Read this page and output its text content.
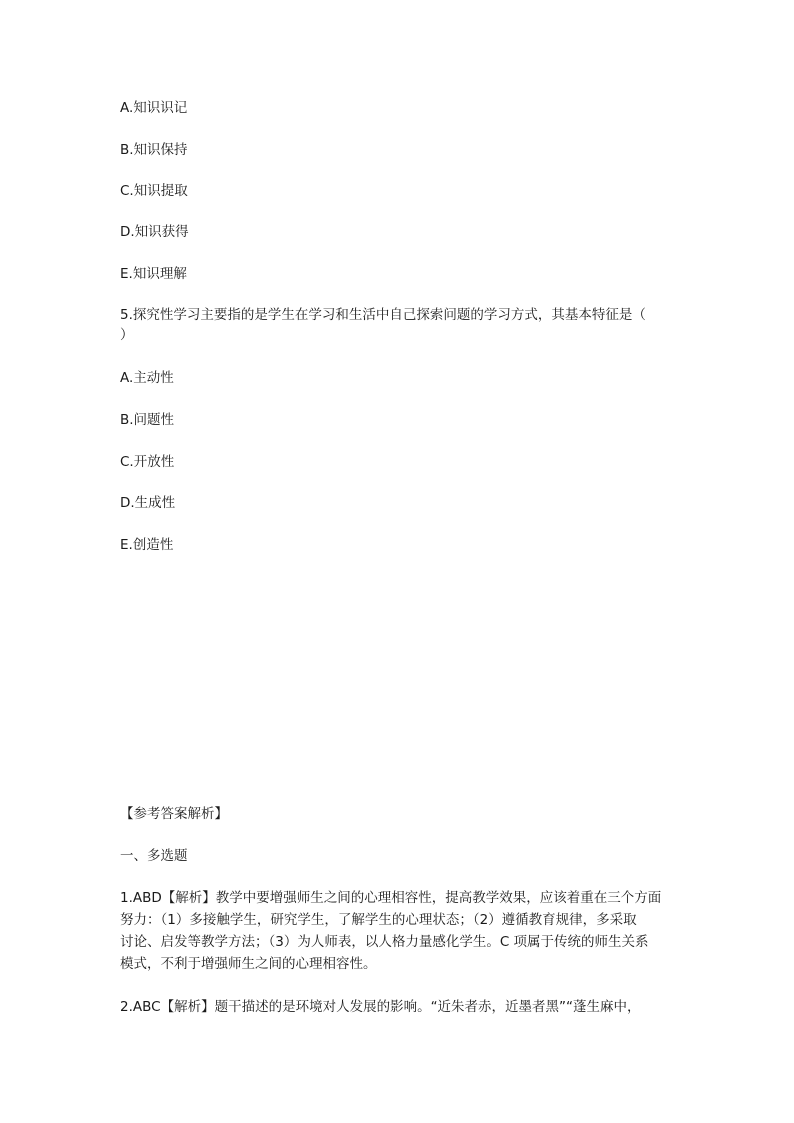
A.知识识记
B.知识保持
C.知识提取
D.知识获得
E.知识理解
5.探究性学习主要指的是学生在学习和生活中自己探索问题的学习方式，其基本特征是（
）
A.主动性
B.问题性
C.开放性
D.生成性
E.创造性
【参考答案解析】
一、多选题
1.ABD【解析】教学中要增强师生之间的心理相容性，提高教学效果，应该着重在三个方面
努力：（1）多接触学生，研究学生，了解学生的心理状态；（2）遵循教育规律，多采取
讨论、启发等教学方法；（3）为人师表，以人格力量感化学生。C 项属于传统的师生关系
模式，不利于增强师生之间的心理相容性。
2.ABC【解析】题干描述的是环境对人发展的影响。“近朱者赤，近墨者黑”“蓬生麻中，
